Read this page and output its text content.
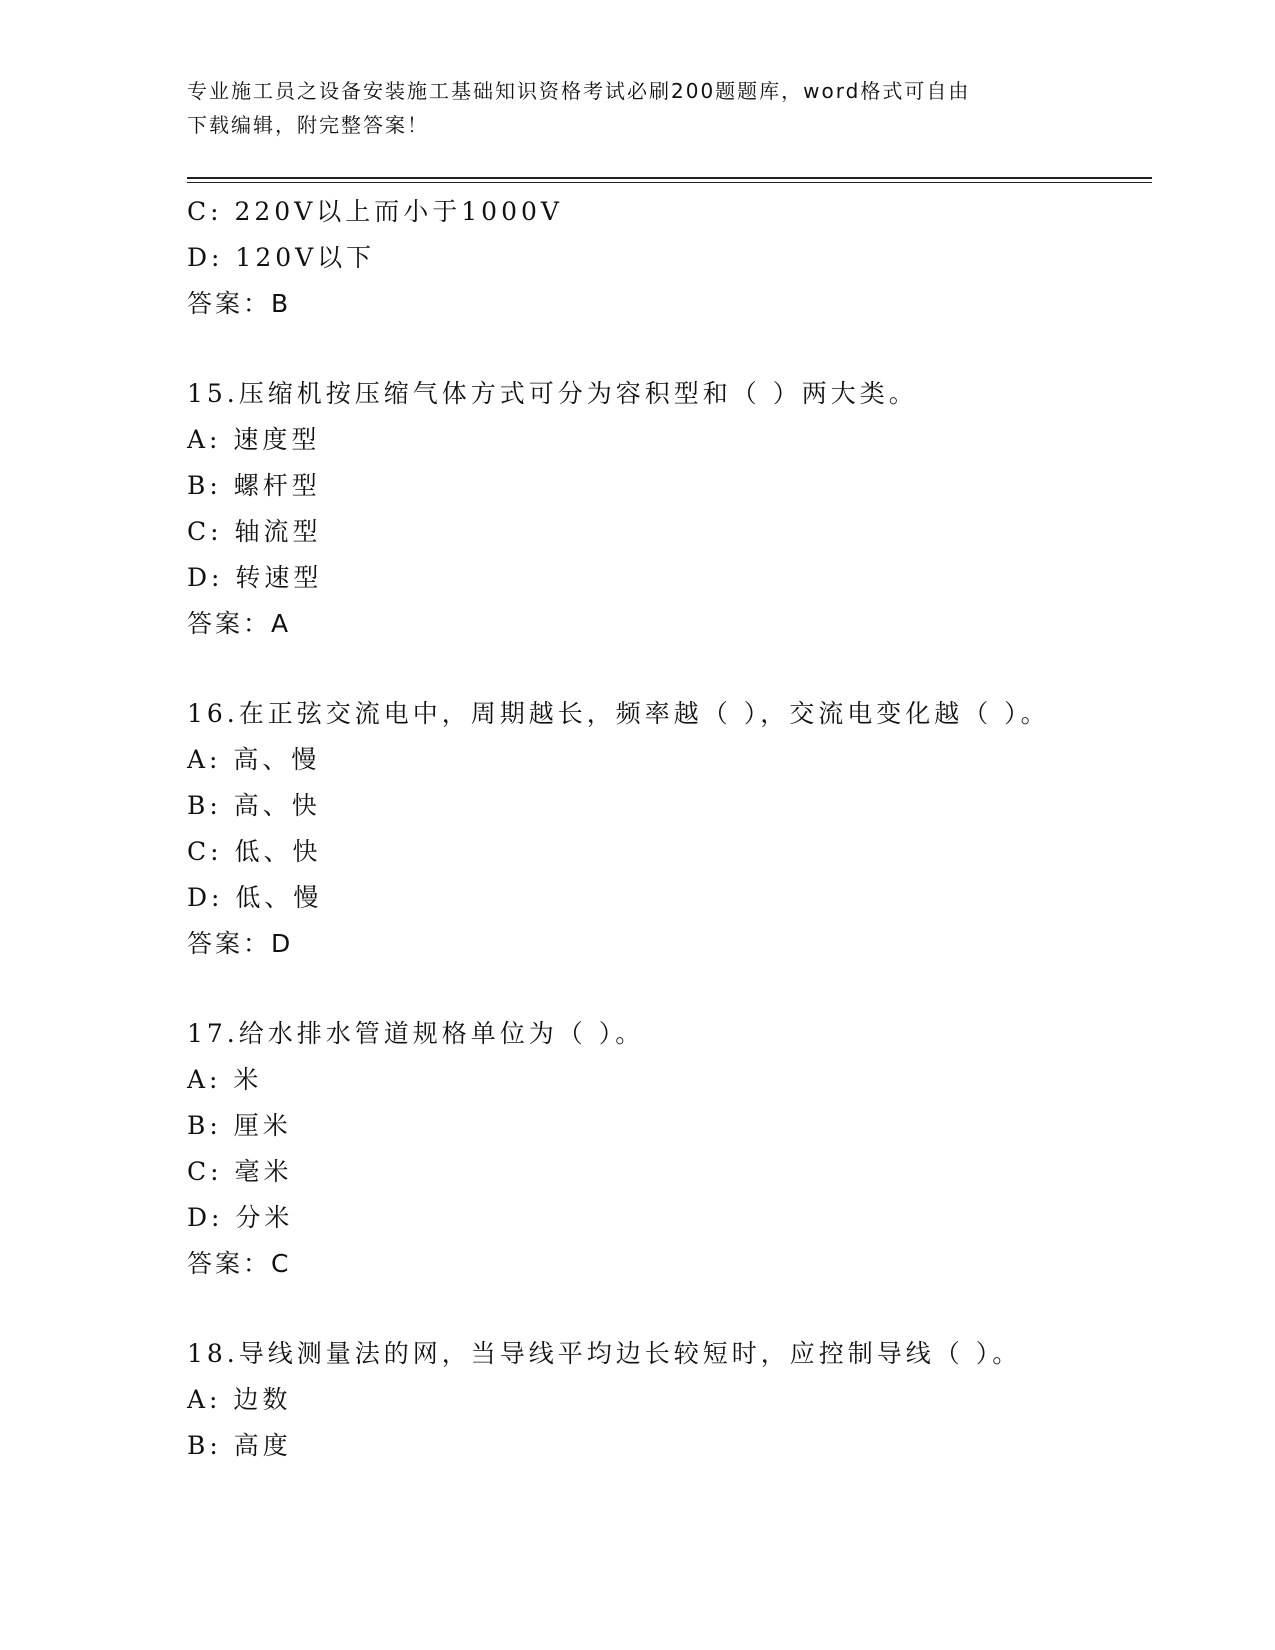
专业施工员之设备安装施工基础知识资格考试必刷200题题库，word格式可自由
下载编辑，附完整答案！
C: 220V以上而小于1000V
D: 120V以下
答案：B
15.压缩机按压缩气体方式可分为容积型和（ ）两大类。
A: 速度型
B: 螺杆型
C: 轴流型
D: 转速型
答案：A
16.在正弦交流电中，周期越长，频率越（ ），交流电变化越（ ）。
A: 高、慢
B: 高、快
C: 低、快
D: 低、慢
答案：D
17.给水排水管道规格单位为（ ）。
A: 米
B: 厘米
C: 毫米
D: 分米
答案：C
18.导线测量法的网，当导线平均边长较短时，应控制导线（ ）。
A: 边数
B: 高度
